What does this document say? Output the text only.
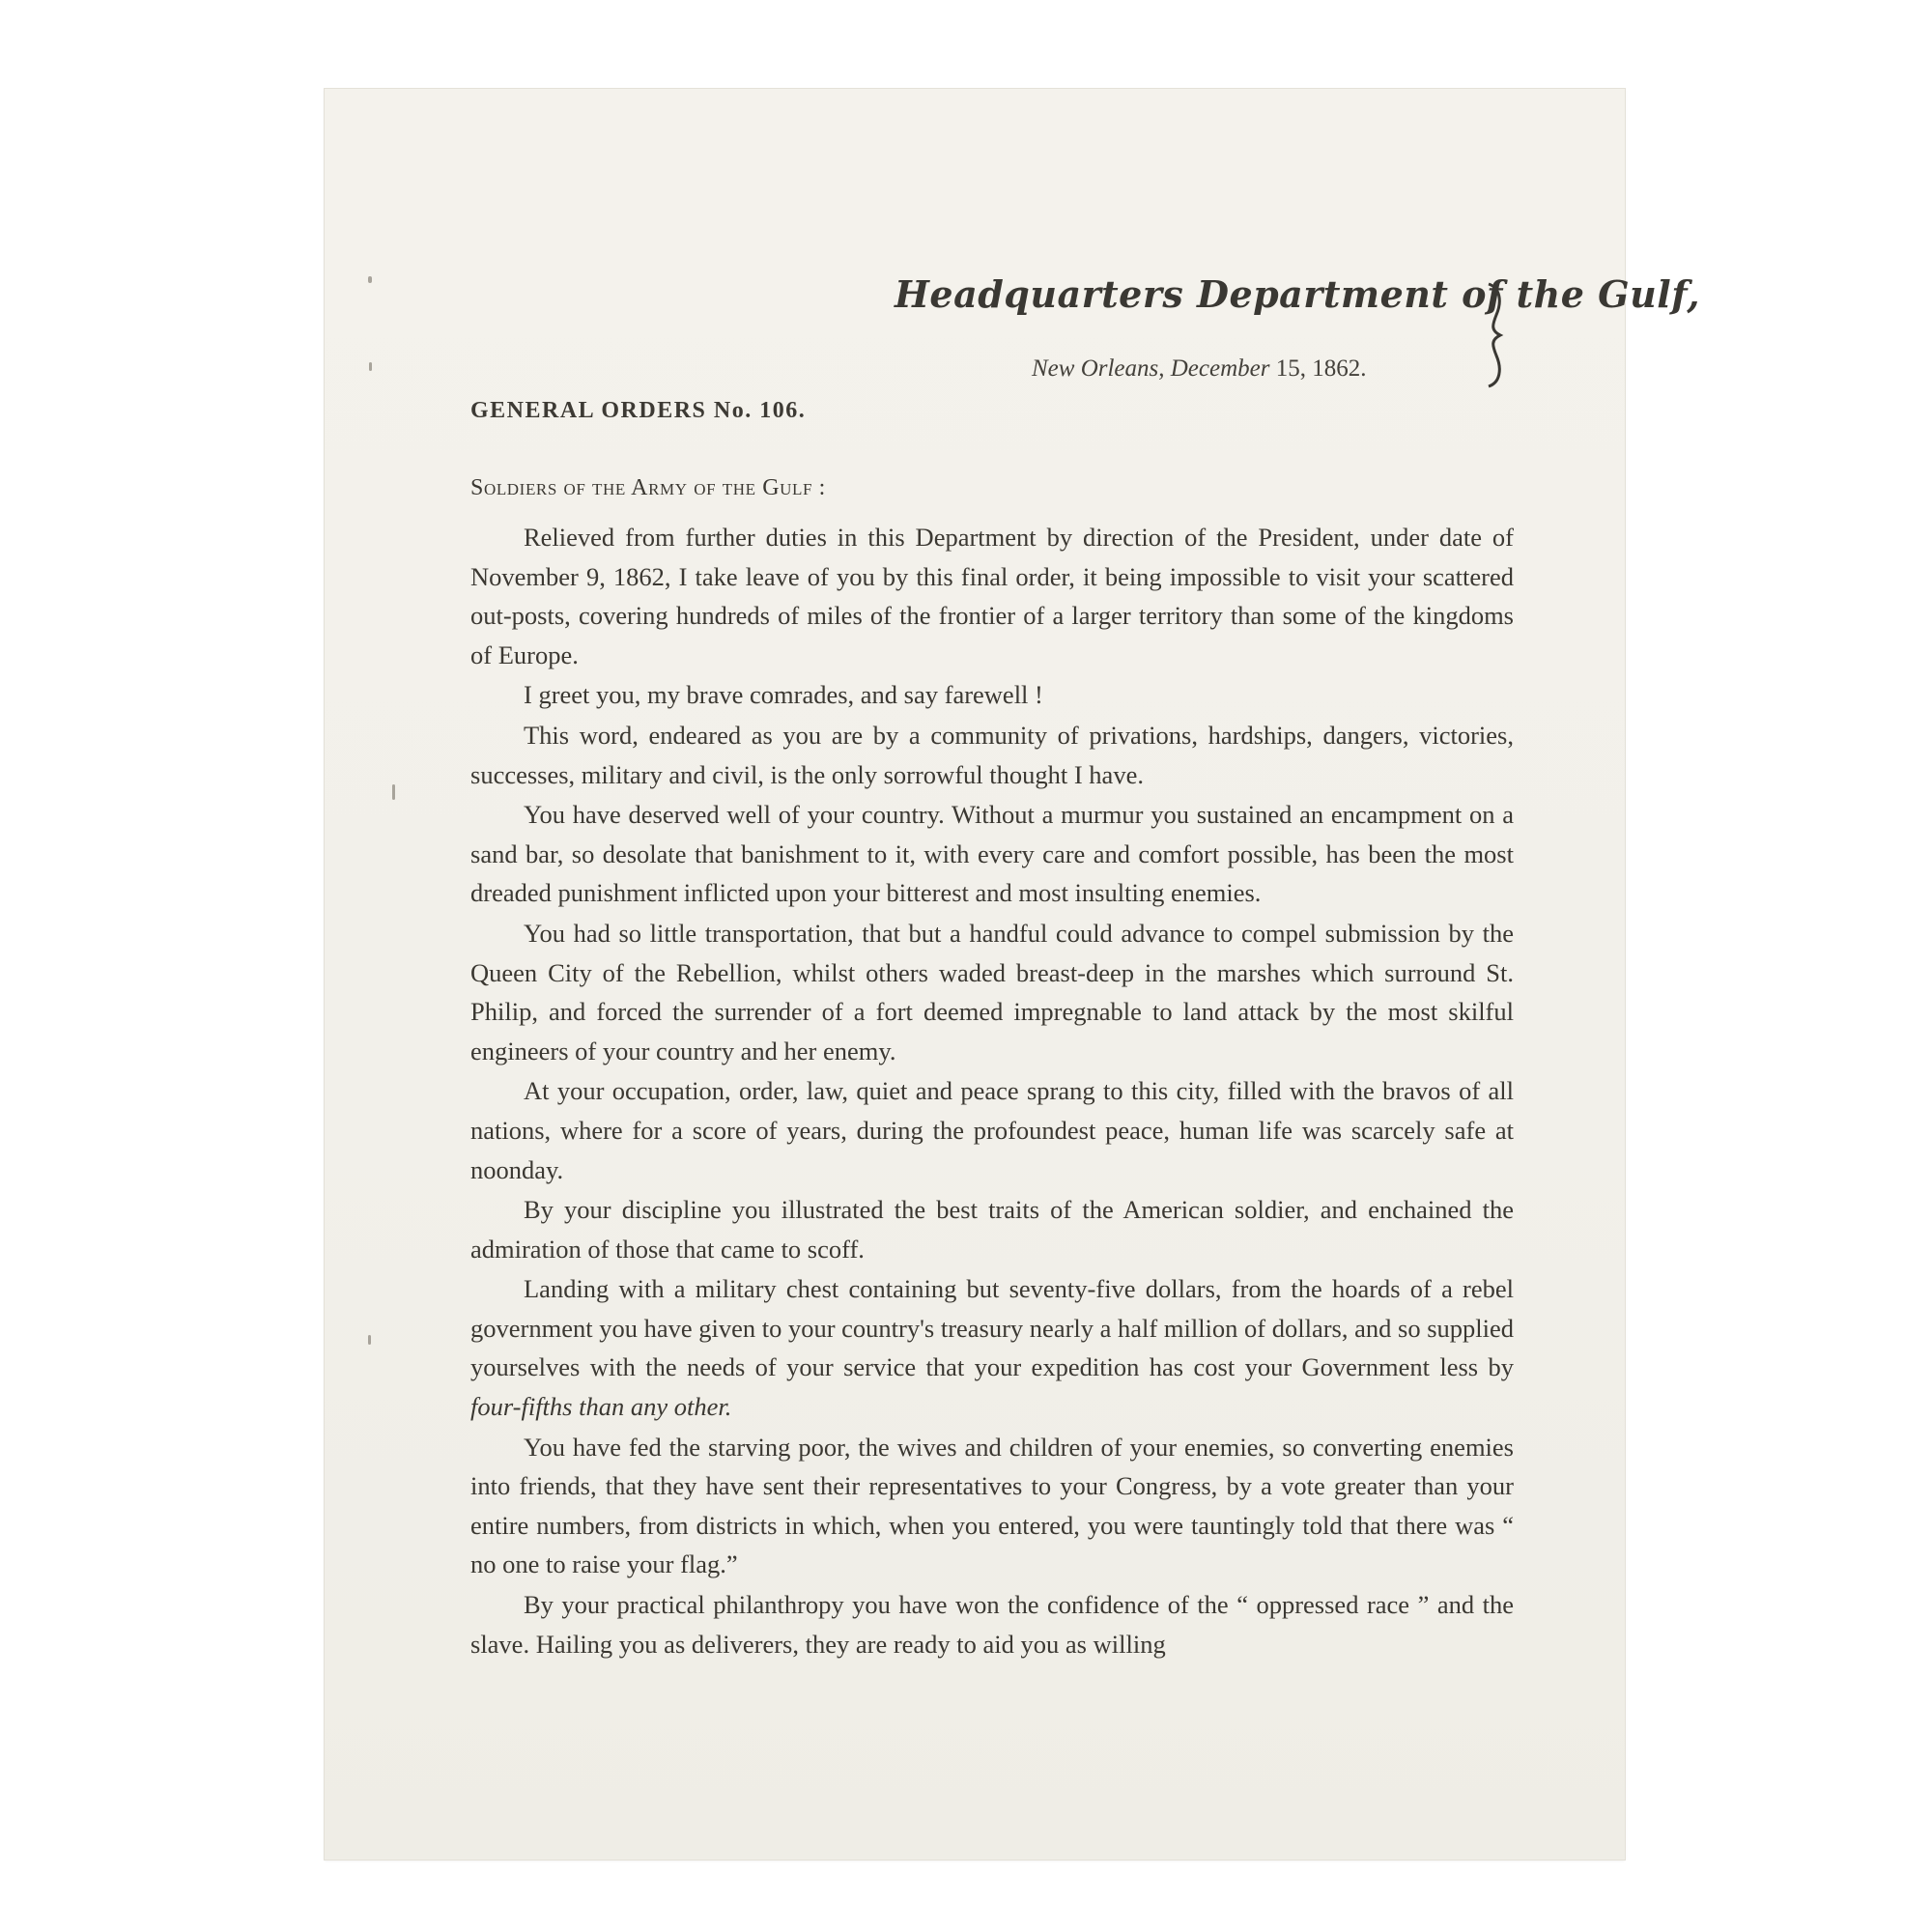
Headquarters Department of the Gulf,
New Orleans, December 15, 1862.
GENERAL ORDERS No. 106.
Soldiers of the Army of the Gulf :

Relieved from further duties in this Department by direction of the President, under date of November 9, 1862, I take leave of you by this final order, it being impossible to visit your scattered out-posts, covering hundreds of miles of the frontier of a larger territory than some of the kingdoms of Europe.

I greet you, my brave comrades, and say farewell !

This word, endeared as you are by a community of privations, hardships, dangers, victories, successes, military and civil, is the only sorrowful thought I have.

You have deserved well of your country. Without a murmur you sustained an encampment on a sand bar, so desolate that banishment to it, with every care and comfort possible, has been the most dreaded punishment inflicted upon your bitterest and most insulting enemies.

You had so little transportation, that but a handful could advance to compel submission by the Queen City of the Rebellion, whilst others waded breast-deep in the marshes which surround St. Philip, and forced the surrender of a fort deemed impregnable to land attack by the most skilful engineers of your country and her enemy.

At your occupation, order, law, quiet and peace sprang to this city, filled with the bravos of all nations, where for a score of years, during the profoundest peace, human life was scarcely safe at noonday.

By your discipline you illustrated the best traits of the American soldier, and enchained the admiration of those that came to scoff.

Landing with a military chest containing but seventy-five dollars, from the hoards of a rebel government you have given to your country's treasury nearly a half million of dollars, and so supplied yourselves with the needs of your service that your expedition has cost your Government less by four-fifths than any other.

You have fed the starving poor, the wives and children of your enemies, so converting enemies into friends, that they have sent their representatives to your Congress, by a vote greater than your entire numbers, from districts in which, when you entered, you were tauntingly told that there was “ no one to raise your flag.”

By your practical philanthropy you have won the confidence of the “ oppressed race ” and the slave. Hailing you as deliverers, they are ready to aid you as willing
